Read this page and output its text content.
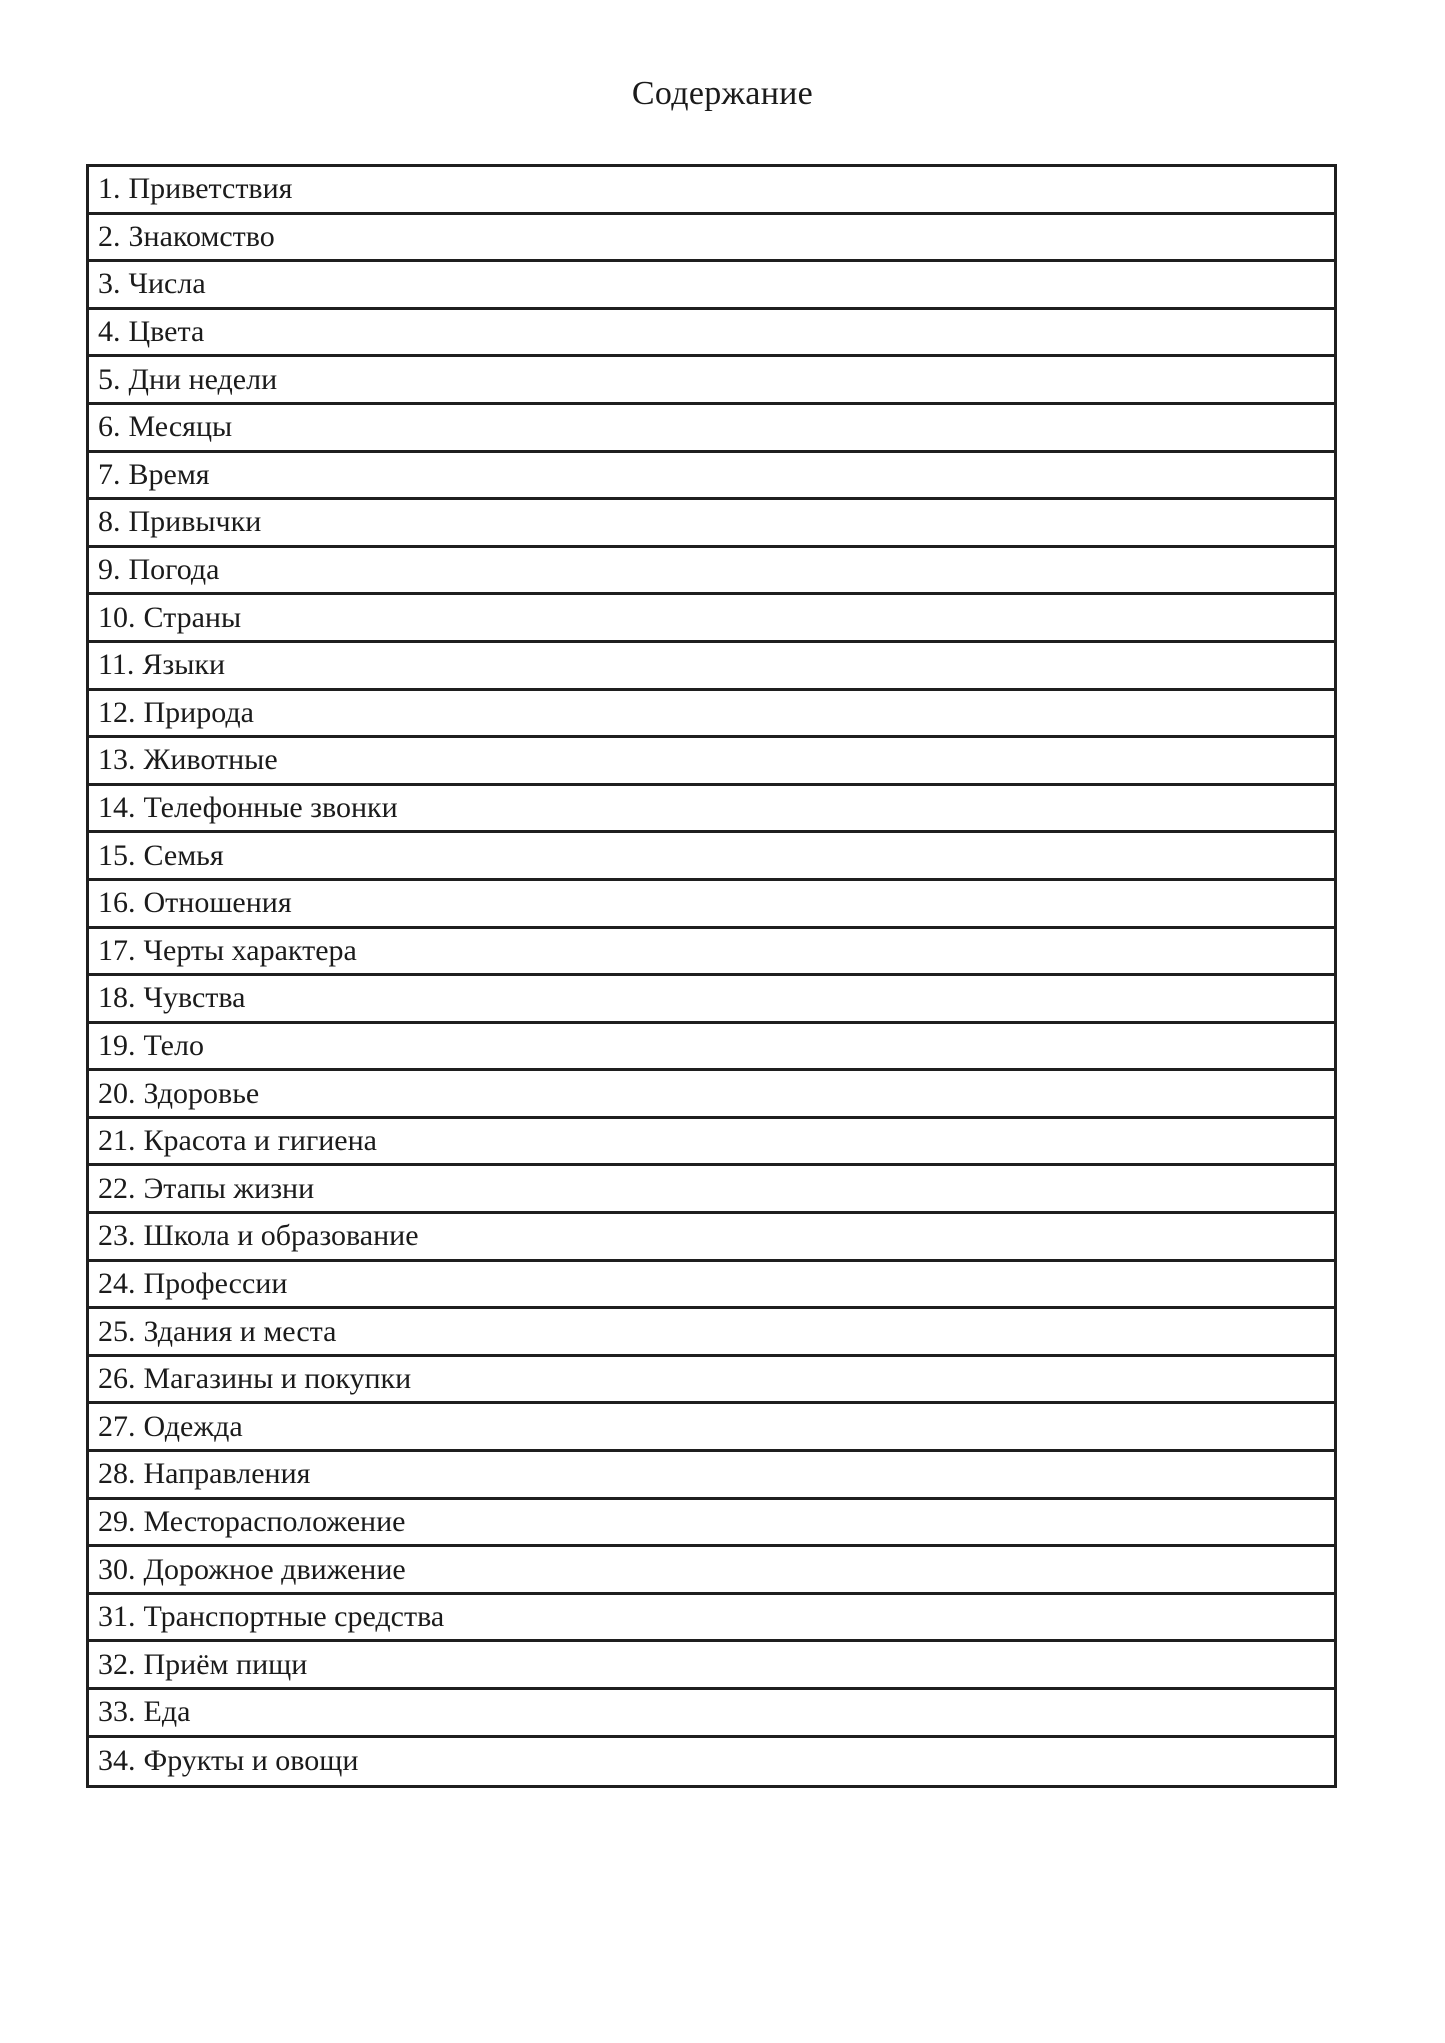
Содержание
1. Приветствия
2. Знакомство
3. Числа
4. Цвета
5. Дни недели
6. Месяцы
7. Время
8. Привычки
9. Погода
10. Страны
11. Языки
12. Природа
13. Животные
14. Телефонные звонки
15. Семья
16. Отношения
17. Черты характера
18. Чувства
19. Тело
20. Здоровье
21. Красота и гигиена
22. Этапы жизни
23. Школа и образование
24. Профессии
25. Здания и места
26. Магазины и покупки
27. Одежда
28. Направления
29. Месторасположение
30. Дорожное движение
31. Транспортные средства
32. Приём пищи
33. Еда
34. Фрукты и овощи
